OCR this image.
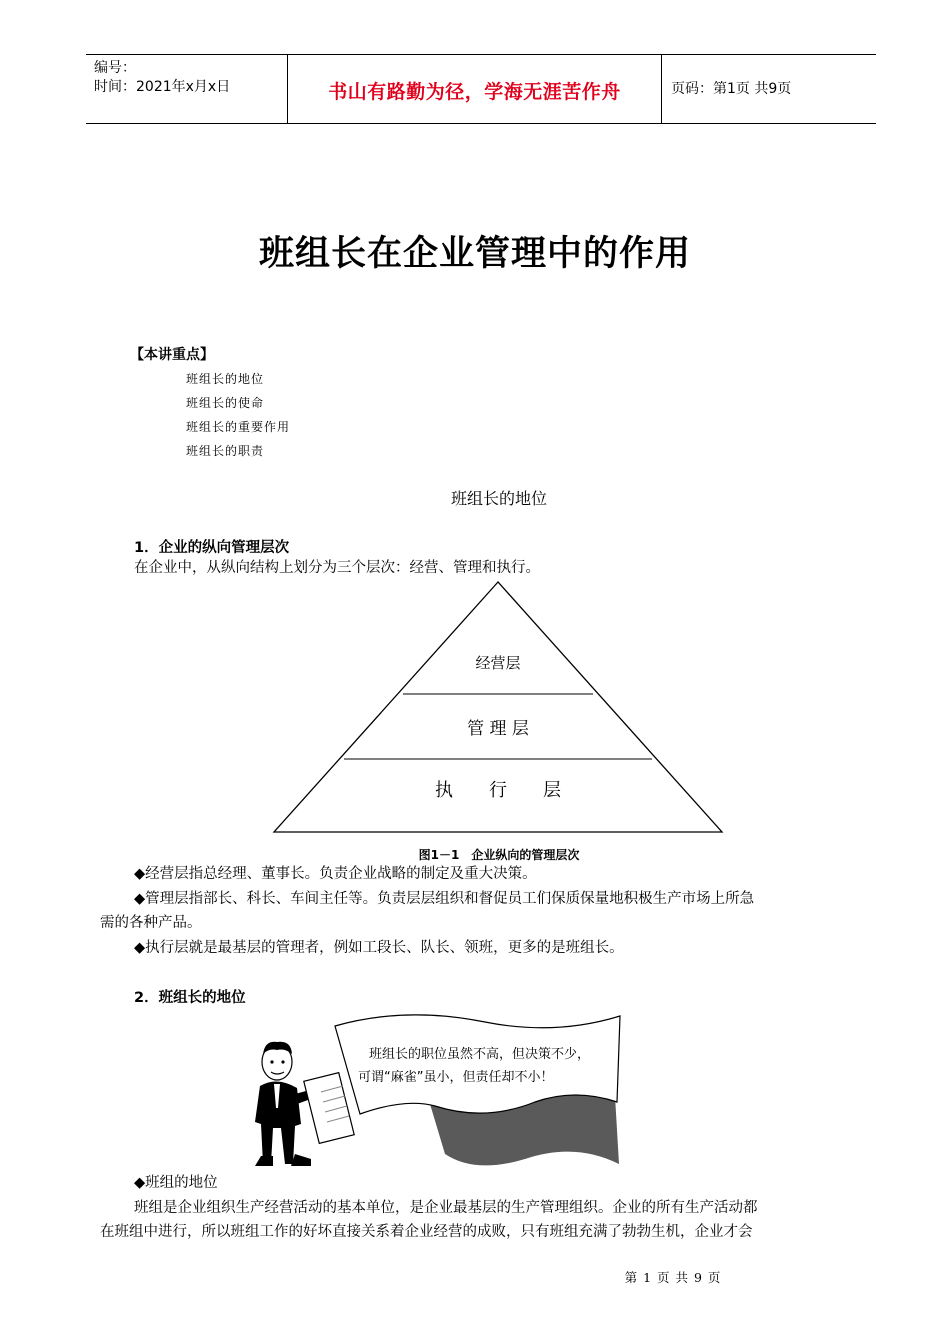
编号：
时间：2021年x月x日	书山有路勤为径，学海无涯苦作舟	页码：第1页 共9页
班组长在企业管理中的作用
【本讲重点】
班组长的地位
班组长的使命
班组长的重要作用
班组长的职责
班组长的地位
1．企业的纵向管理层次
在企业中，从纵向结构上划分为三个层次：经营、管理和执行。
经营层
管 理 层
执　　行　　层
图1－1　企业纵向的管理层次
◆经营层指总经理、董事长。负责企业战略的制定及重大决策。
◆管理层指部长、科长、车间主任等。负责层层组织和督促员工们保质保量地积极生产市场上所急
需的各种产品。
◆执行层就是最基层的管理者，例如工段长、队长、领班，更多的是班组长。
2．班组长的地位
班组长的职位虽然不高，但决策不少，
可谓“麻雀”虽小，但责任却不小！
◆班组的地位
班组是企业组织生产经营活动的基本单位，是企业最基层的生产管理组织。企业的所有生产活动都
在班组中进行，所以班组工作的好坏直接关系着企业经营的成败，只有班组充满了勃勃生机，企业才会
第 1 页 共 9 页
